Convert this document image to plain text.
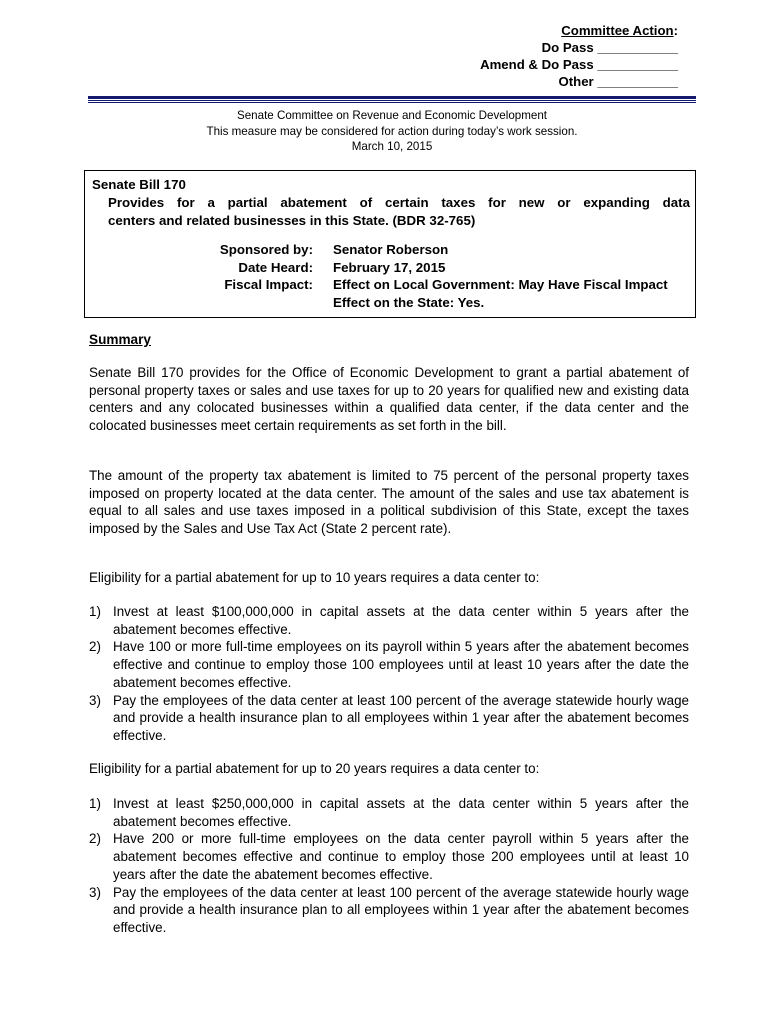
Committee Action:
Do Pass ___________
Amend & Do Pass ___________
Other ___________
Senate Committee on Revenue and Economic Development
This measure may be considered for action during today’s work session.
March 10, 2015
Senate Bill 170
Provides for a partial abatement of certain taxes for new or expanding data
centers and related businesses in this State. (BDR 32-765)
Sponsored by:
Date Heard:
Fiscal Impact:
Senator Roberson
February 17, 2015
Effect on Local Government: May Have Fiscal Impact
Effect on the State: Yes.
Summary

Senate Bill 170 provides for the Office of Economic Development to grant a partial abatement of personal property taxes or sales and use taxes for up to 20 years for qualified new and existing data centers and any colocated businesses within a qualified data center, if the data center and the colocated businesses meet certain requirements as set forth in the bill.

The amount of the property tax abatement is limited to 75 percent of the personal property taxes imposed on property located at the data center. The amount of the sales and use tax abatement is equal to all sales and use taxes imposed in a political subdivision of this State, except the taxes imposed by the Sales and Use Tax Act (State 2 percent rate).

Eligibility for a partial abatement for up to 10 years requires a data center to:

1) Invest at least $100,000,000 in capital assets at the data center within 5 years after the abatement becomes effective.
2) Have 100 or more full-time employees on its payroll within 5 years after the abatement becomes effective and continue to employ those 100 employees until at least 10 years after the date the abatement becomes effective.
3) Pay the employees of the data center at least 100 percent of the average statewide hourly wage and provide a health insurance plan to all employees within 1 year after the abatement becomes effective.

Eligibility for a partial abatement for up to 20 years requires a data center to:

1) Invest at least $250,000,000 in capital assets at the data center within 5 years after the abatement becomes effective.
2) Have 200 or more full-time employees on the data center payroll within 5 years after the abatement becomes effective and continue to employ those 200 employees until at least 10 years after the date the abatement becomes effective.
3) Pay the employees of the data center at least 100 percent of the average statewide hourly wage and provide a health insurance plan to all employees within 1 year after the abatement becomes effective.
